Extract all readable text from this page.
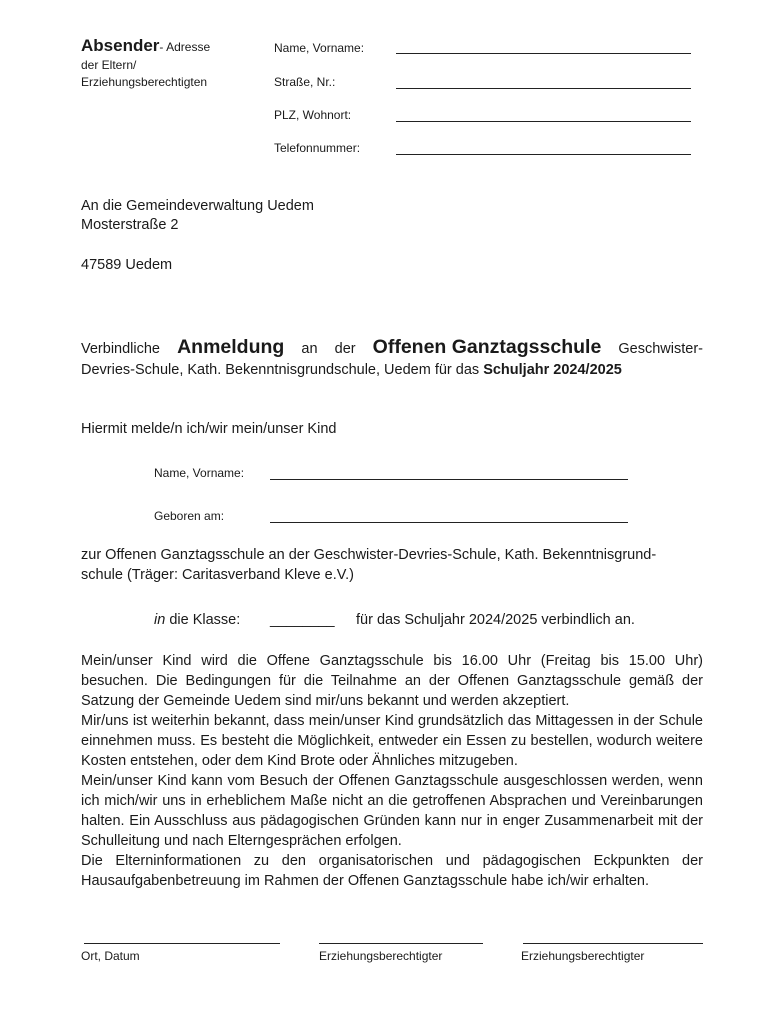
Absender- Adresse
der Eltern/
Erziehungsberechtigten
Name, Vorname:
Straße, Nr.:
PLZ, Wohnort:
Telefonnummer:
An die Gemeindeverwaltung Uedem
Mosterstraße 2
47589 Uedem
Verbindliche Anmeldung an der Offenen Ganztagsschule Geschwister-
Devries-Schule, Kath. Bekenntnisgrundschule, Uedem für das Schuljahr 2024/2025
Hiermit melde/n ich/wir mein/unser Kind
Name, Vorname:
Geboren am:
zur Offenen Ganztagsschule an der Geschwister-Devries-Schule, Kath. Bekenntnisgrund-
schule (Träger: Caritasverband Kleve e.V.)
in die Klasse: ________ für das Schuljahr 2024/2025 verbindlich an.

Mein/unser Kind wird die Offene Ganztagsschule bis 16.00 Uhr (Freitag bis 15.00 Uhr) besuchen. Die Bedingungen für die Teilnahme an der Offenen Ganztagsschule gemäß der Satzung der Gemeinde Uedem sind mir/uns bekannt und werden akzeptiert.

Mir/uns ist weiterhin bekannt, dass mein/unser Kind grundsätzlich das Mittagessen in der Schule einnehmen muss. Es besteht die Möglichkeit, entweder ein Essen zu bestellen, wodurch weitere Kosten entstehen, oder dem Kind Brote oder Ähnliches mitzugeben.

Mein/unser Kind kann vom Besuch der Offenen Ganztagsschule ausgeschlossen werden, wenn ich mich/wir uns in erheblichem Maße nicht an die getroffenen Absprachen und Vereinbarungen halten. Ein Ausschluss aus pädagogischen Gründen kann nur in enger Zusammenarbeit mit der Schulleitung und nach Elterngesprächen erfolgen.

Die Elterninformationen zu den organisatorischen und pädagogischen Eckpunkten der Hausaufgabenbetreuung im Rahmen der Offenen Ganztagsschule habe ich/wir erhalten.

Ort, Datum	Erziehungsberechtigter	Erziehungsberechtigter
